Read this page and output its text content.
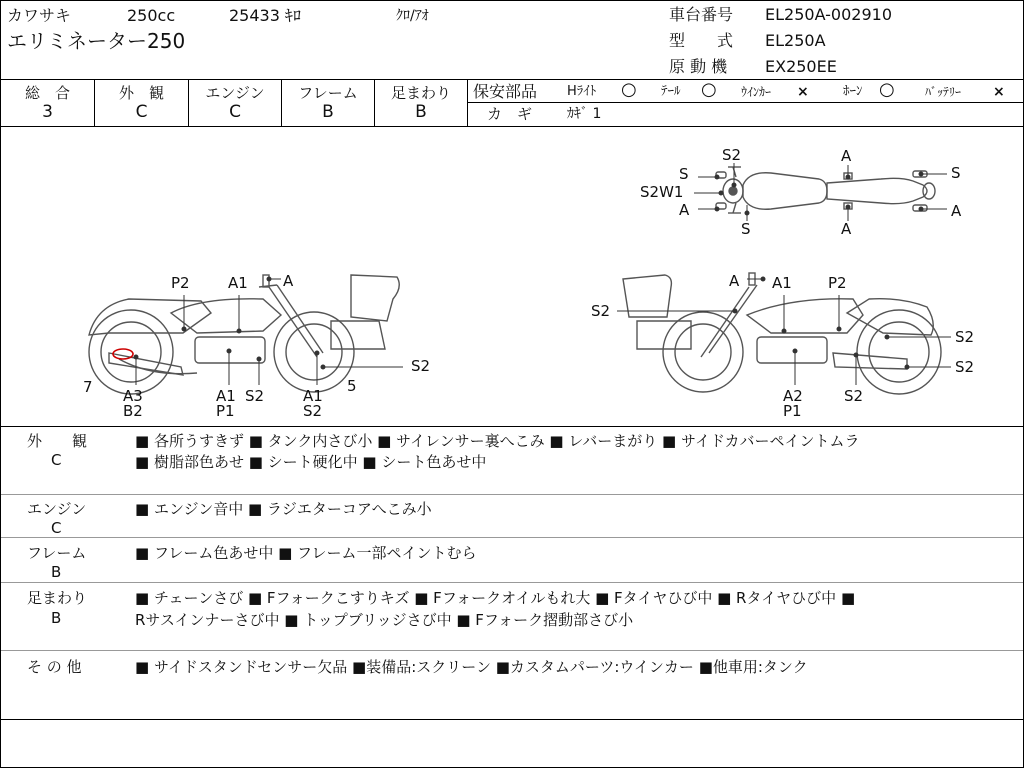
カワサキ	250cc	25433 ｷﾛ	ｸﾛ/ｱｵ
エリミネーター250
車台番号 EL250A-002910
型　　式 EL250A
原 動 機 EX250EE
総　合
3
外　観
C
エンジン
C
フレーム
B
足まわり
B
保安部品 Hﾗｲﾄ ○ ﾃｰﾙ ○ ｳｲﾝｶｰ ×	ﾎｰﾝ ○	ﾊﾞｯﾃﾘｰ ×
カ　ギ ｶｷﾞ 1
S
S2
S2W1
A
S
A
A
S
A
P2	A1 A
S2
7 A3
B2
A1
P1
S2	A1
S2
5
A A1 P2
S2
S2
S2
A2
P1
S2
外　　観
C
■ 各所うすきず ■ タンク内さび小 ■ サイレンサー裏へこみ ■ レバーまがり ■ サイドカバーペイントムラ
■ 樹脂部色あせ ■ シート硬化中 ■ シート色あせ中
エンジン
C
■ エンジン音中 ■ ラジエターコアへこみ小
フレーム
B
■ フレーム色あせ中 ■ フレーム一部ペイントむら
足まわり
B
■ チェーンさび ■ Fフォークこすりキズ ■ Fフォークオイルもれ大 ■ Fタイヤひび中 ■ Rタイヤひび中 ■
Rサスインナーさび中 ■ トップブリッジさび中 ■ Fフォーク摺動部さび小
そ の 他	■ サイドスタンドセンサー欠品 ■装備品:スクリーン ■カスタムパーツ:ウインカー ■他車用:タンク
